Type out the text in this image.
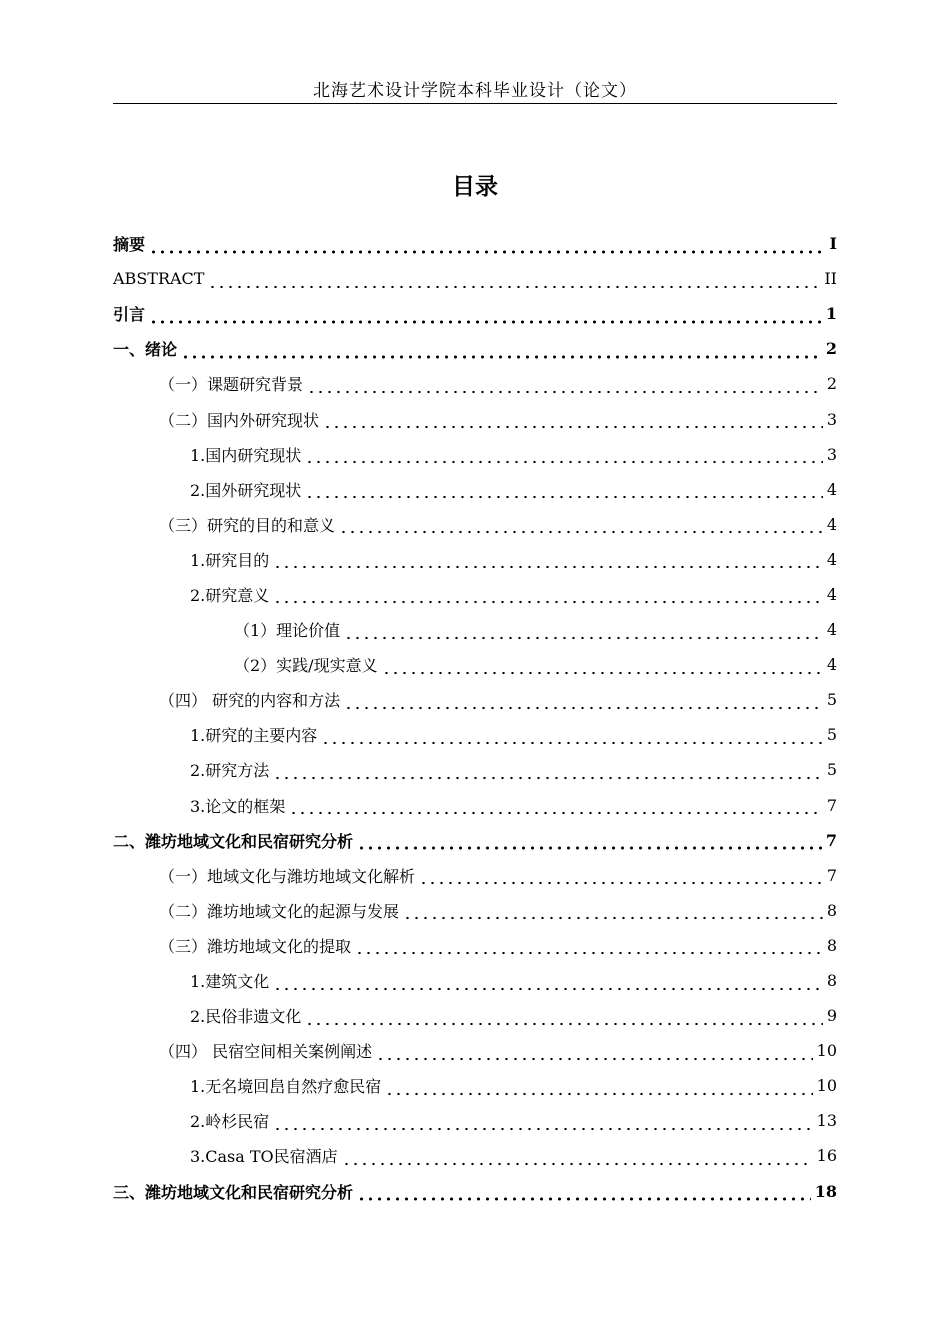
北海艺术设计学院本科毕业设计（论文）
目录
摘要	I
ABSTRACT	II
引言	1
一、绪论	2
（一）课题研究背景	2
（二）国内外研究现状	3
1.国内研究现状	3
2.国外研究现状	4
（三）研究的目的和意义	4
1.研究目的	4
2.研究意义	4
（1）理论价值	4
（2）实践/现实意义	4
（四） 研究的内容和方法	5
1.研究的主要内容	5
2.研究方法	5
3.论文的框架	7
二、潍坊地域文化和民宿研究分析	7
（一）地域文化与潍坊地域文化解析	7
（二）潍坊地域文化的起源与发展	8
（三）潍坊地域文化的提取	8
1.建筑文化	8
2.民俗非遗文化	9
（四） 民宿空间相关案例阐述	10
1.无名境回峊自然疗愈民宿	10
2.岭杉民宿	13
3.Casa TO民宿酒店	16
三、潍坊地域文化和民宿研究分析	18
